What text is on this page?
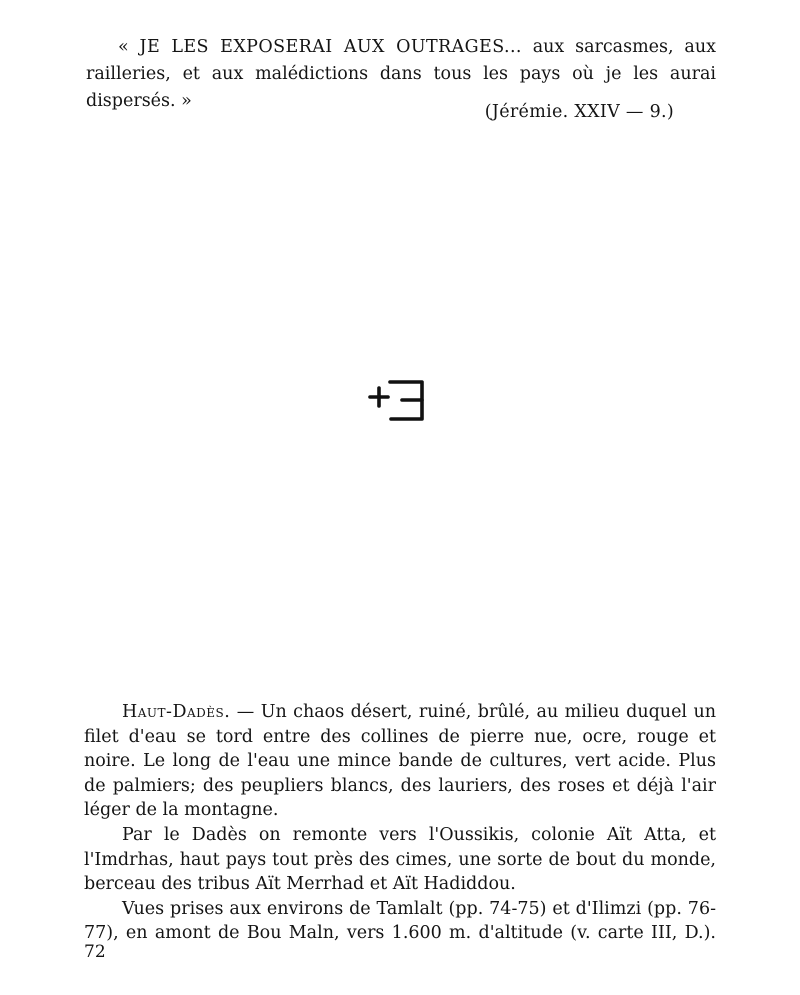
« JE LES EXPOSERAI AUX OUTRAGES... aux sarcasmes, aux railleries, et aux malédictions dans tous les pays où je les aurai dispersés. »

(Jérémie. XXIV — 9.)

Haut-Dadès. — Un chaos désert, ruiné, brûlé, au milieu duquel un filet d'eau se tord entre des collines de pierre nue, ocre, rouge et noire. Le long de l'eau une mince bande de cultures, vert acide. Plus de palmiers; des peupliers blancs, des lauriers, des roses et déjà l'air léger de la montagne.

Par le Dadès on remonte vers l'Oussikis, colonie Aït Atta, et l'Imdrhas, haut pays tout près des cimes, une sorte de bout du monde, berceau des tribus Aït Merrhad et Aït Hadiddou.

Vues prises aux environs de Tamlalt (pp. 74-75) et d'Ilimzi (pp. 76-77), en amont de Bou Maln, vers 1.600 m. d'altitude (v. carte III, D.).

72
